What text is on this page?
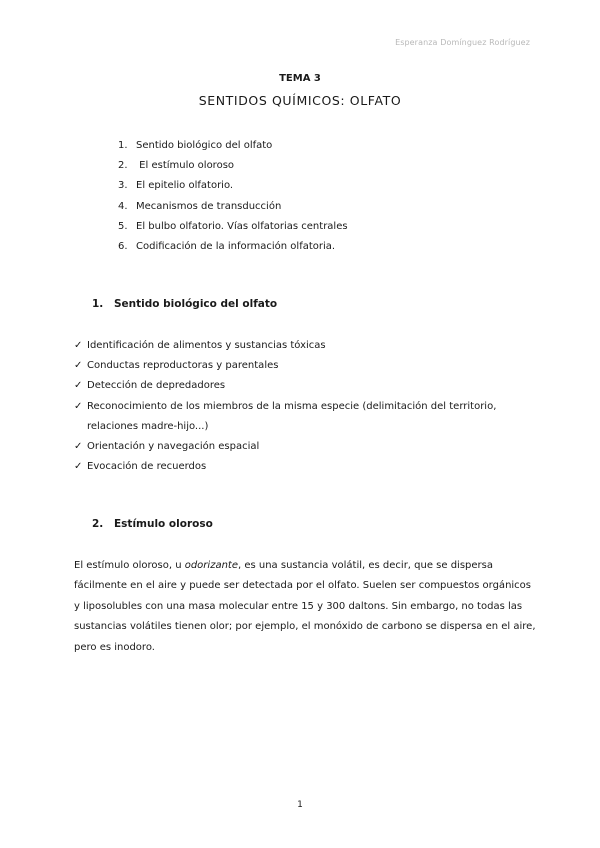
Esperanza Domínguez Rodríguez
TEMA 3
SENTIDOS QUÍMICOS: OLFATO
1. Sentido biológico del olfato
2. El estímulo oloroso
3. El epitelio olfatorio.
4. Mecanismos de transducción
5. El bulbo olfatorio. Vías olfatorias centrales
6. Codificación de la información olfatoria.
1. Sentido biológico del olfato
✓ Identificación de alimentos y sustancias tóxicas
✓ Conductas reproductoras y parentales
✓ Detección de depredadores
✓ Reconocimiento de los miembros de la misma especie (delimitación del territorio, relaciones madre-hijo...)
✓ Orientación y navegación espacial
✓ Evocación de recuerdos
2. Estímulo oloroso

El estímulo oloroso, u odorizante, es una sustancia volátil, es decir, que se dispersa fácilmente en el aire y puede ser detectada por el olfato. Suelen ser compuestos orgánicos y liposolubles con una masa molecular entre 15 y 300 daltons. Sin embargo, no todas las sustancias volátiles tienen olor; por ejemplo, el monóxido de carbono se dispersa en el aire, pero es inodoro.

1
